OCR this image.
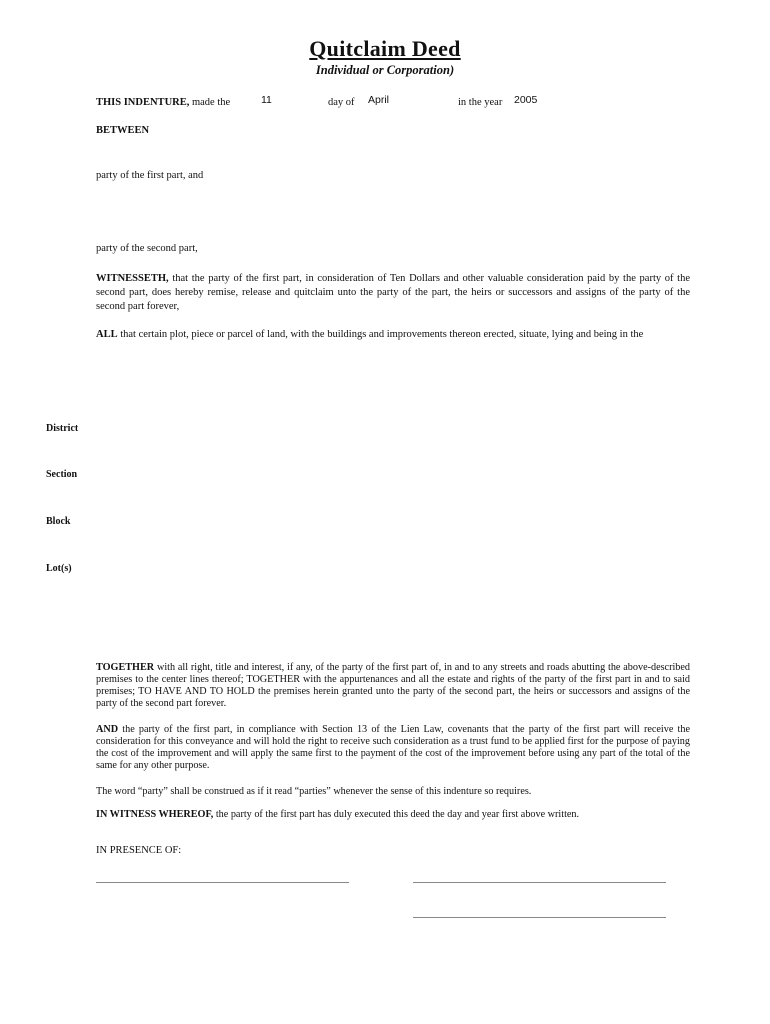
Quitclaim Deed
Individual or Corporation)
THIS INDENTURE, made the	11	day of April	in the year 2005
BETWEEN
party of the first part, and
party of the second part,
WITNESSETH, that the party of the first part, in consideration of Ten Dollars and other valuable consideration paid by the party of the second part, does hereby remise, release and quitclaim unto the party of the part, the heirs or successors and assigns of the party of the second part forever,
ALL that certain plot, piece or parcel of land, with the buildings and improvements thereon erected, situate, lying and being in the
District
Section
Block
Lot(s)
TOGETHER with all right, title and interest, if any, of the party of the first part of, in and to any streets and roads abutting the above-described premises to the center lines thereof; TOGETHER with the appurtenances and all the estate and rights of the party of the first part in and to said premises; TO HAVE AND TO HOLD the premises herein granted unto the party of the second part, the heirs or successors and assigns of the party of the second part forever.
AND the party of the first part, in compliance with Section 13 of the Lien Law, covenants that the party of the first part will receive the consideration for this conveyance and will hold the right to receive such consideration as a trust fund to be applied first for the purpose of paying the cost of the improvement and will apply the same first to the payment of the cost of the improvement before using any part of the total of the same for any other purpose.
The word “party” shall be construed as if it read “parties” whenever the sense of this indenture so requires.
IN WITNESS WHEREOF, the party of the first part has duly executed this deed the day and year first above written.
IN PRESENCE OF:
